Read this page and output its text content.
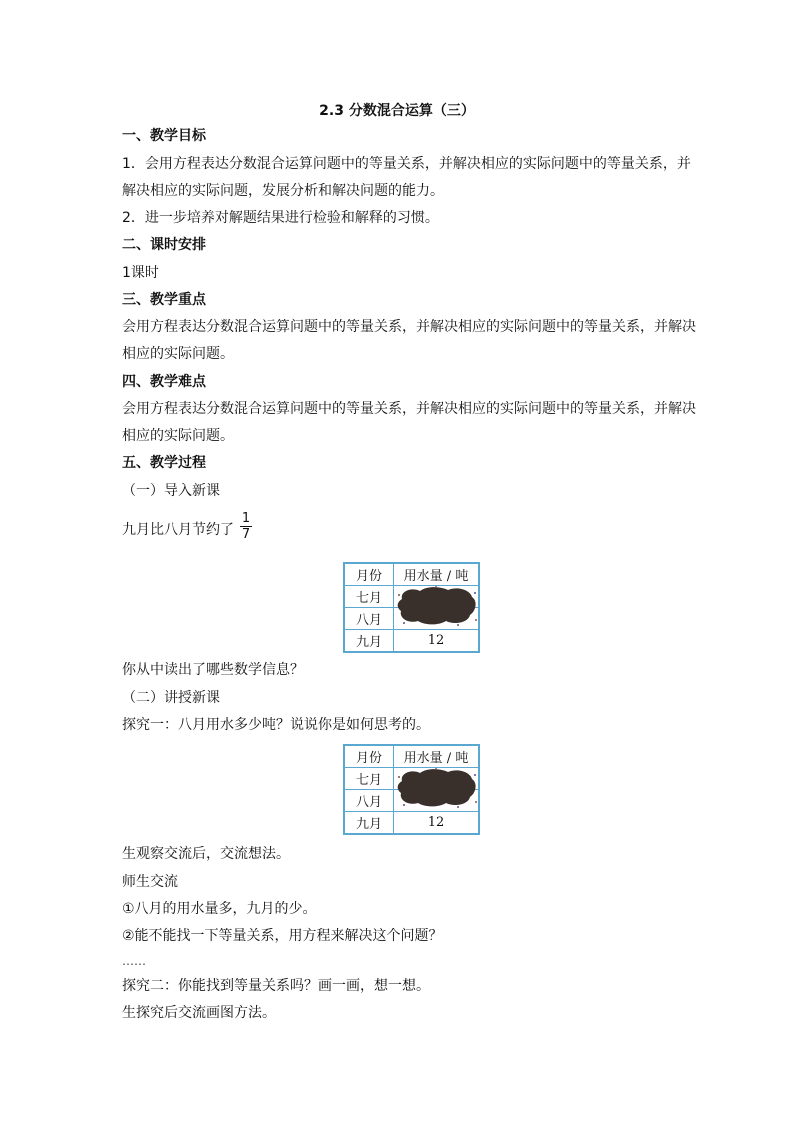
2.3 分数混合运算（三）
一、教学目标
1．会用方程表达分数混合运算问题中的等量关系，并解决相应的实际问题中的等量关系，并
解决相应的实际问题，发展分析和解决问题的能力。
2．进一步培养对解题结果进行检验和解释的习惯。
二、课时安排
1课时
三、教学重点
会用方程表达分数混合运算问题中的等量关系，并解决相应的实际问题中的等量关系，并解决
相应的实际问题。
四、教学难点
会用方程表达分数混合运算问题中的等量关系，并解决相应的实际问题中的等量关系，并解决
相应的实际问题。
五、教学过程
（一）导入新课
九月比八月节约了 $\frac{1}{7}$
月份	用水量 / 吨
七月	
八月	
九月	12
你从中读出了哪些数学信息？
（二）讲授新课
探究一：八月用水多少吨？说说你是如何思考的。
月份	用水量 / 吨
七月	
八月	
九月	12
生观察交流后，交流想法。
师生交流
①八月的用水量多，九月的少。
②能不能找一下等量关系，用方程来解决这个问题？
……
探究二：你能找到等量关系吗？画一画，想一想。
生探究后交流画图方法。
